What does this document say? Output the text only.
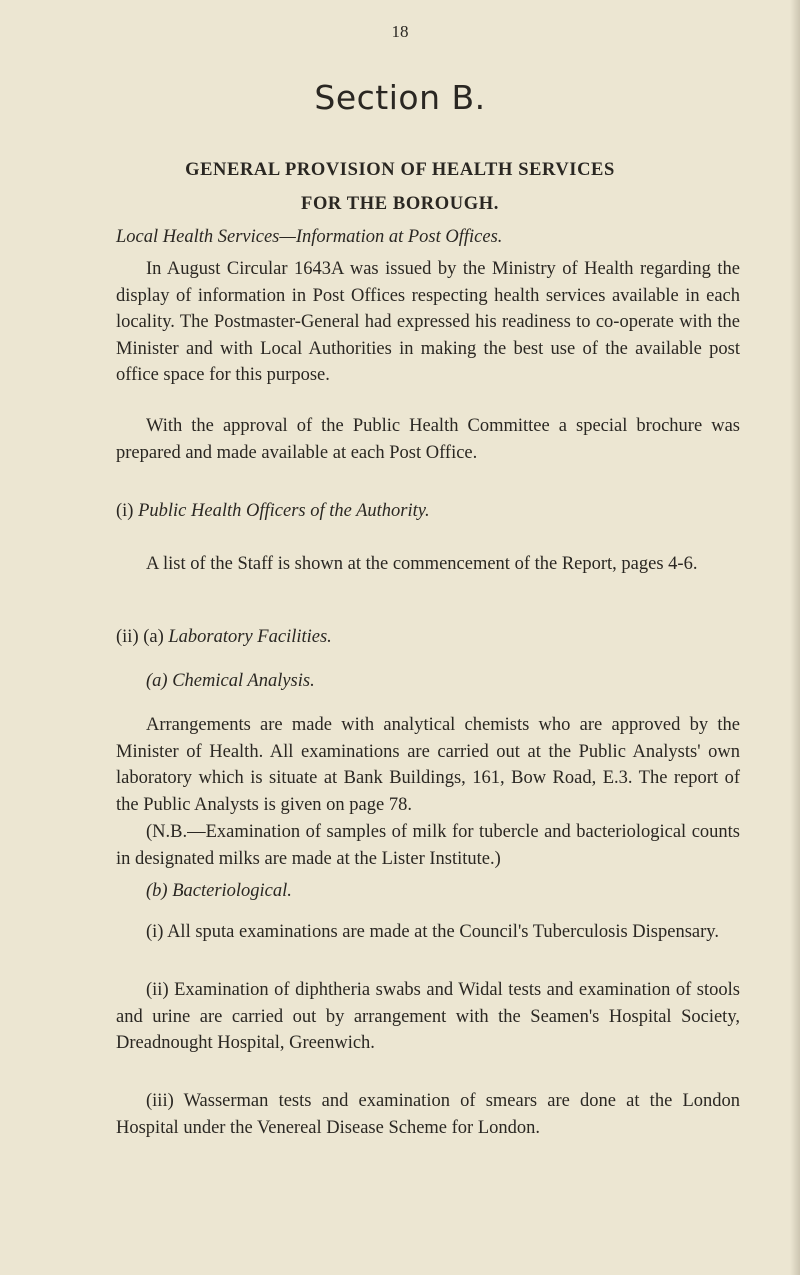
18
Section B.
GENERAL PROVISION OF HEALTH SERVICES
FOR THE BOROUGH.
Local Health Services—Information at Post Offices.
In August Circular 1643A was issued by the Ministry of Health regarding the display of information in Post Offices respecting health services available in each locality. The Postmaster-General had expressed his readiness to co-operate with the Minister and with Local Authorities in making the best use of the available post office space for this purpose.
With the approval of the Public Health Committee a special brochure was prepared and made available at each Post Office.
(i) Public Health Officers of the Authority.
A list of the Staff is shown at the commencement of the Report, pages 4-6.
(ii) (a) Laboratory Facilities.
(a) Chemical Analysis.
Arrangements are made with analytical chemists who are approved by the Minister of Health. All examinations are carried out at the Public Analysts' own laboratory which is situate at Bank Buildings, 161, Bow Road, E.3. The report of the Public Analysts is given on page 78.
(N.B.—Examination of samples of milk for tubercle and bacteriological counts in designated milks are made at the Lister Institute.)
(b) Bacteriological.
(i) All sputa examinations are made at the Council's Tuberculosis Dispensary.
(ii) Examination of diphtheria swabs and Widal tests and examination of stools and urine are carried out by arrangement with the Seamen's Hospital Society, Dreadnought Hospital, Greenwich.
(iii) Wasserman tests and examination of smears are done at the London Hospital under the Venereal Disease Scheme for London.
